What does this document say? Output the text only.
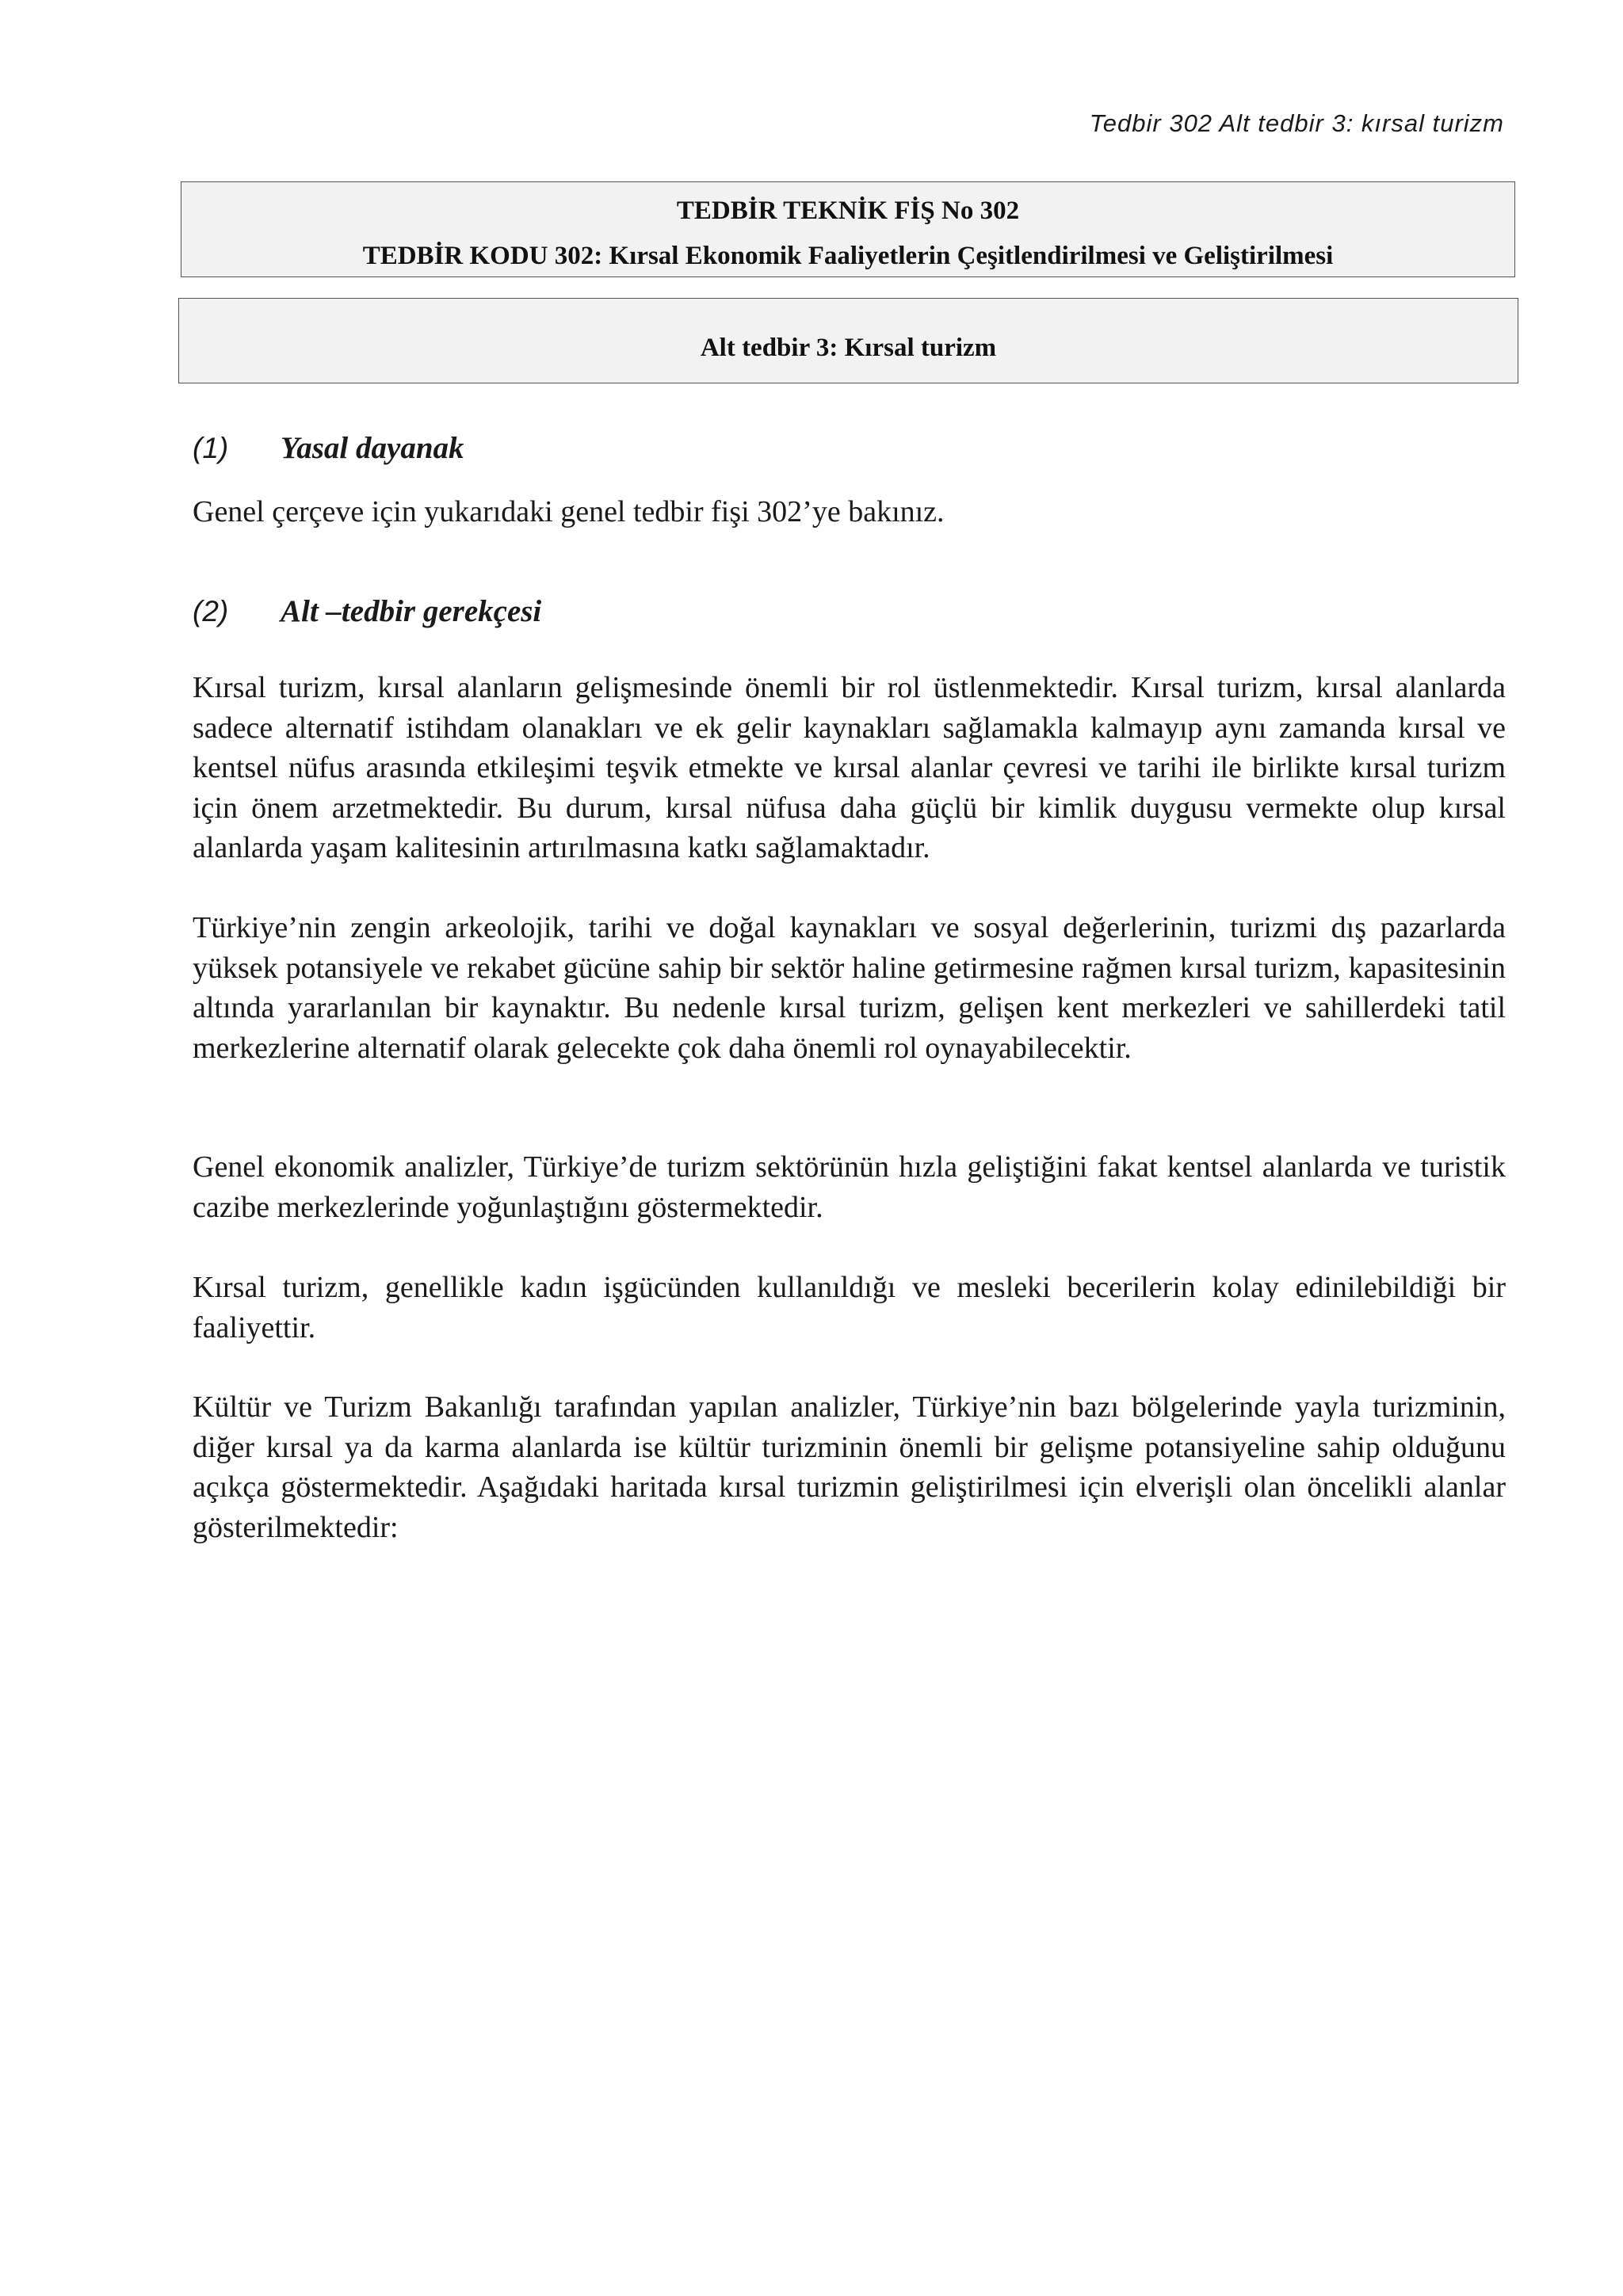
Tedbir 302 Alt tedbir 3: kırsal turizm
TEDBİR TEKNİK FİŞ No 302
TEDBİR KODU 302: Kırsal Ekonomik Faaliyetlerin Çeşitlendirilmesi ve Geliştirilmesi
Alt tedbir 3: Kırsal turizm
(1)	Yasal dayanak

Genel çerçeve için yukarıdaki genel tedbir fişi 302’ye bakınız.

(2)	Alt –tedbir gerekçesi

Kırsal turizm, kırsal alanların gelişmesinde önemli bir rol üstlenmektedir. Kırsal turizm, kırsal alanlarda sadece alternatif istihdam olanakları ve ek gelir kaynakları sağlamakla kalmayıp aynı zamanda kırsal ve kentsel nüfus arasında etkileşimi teşvik etmekte ve kırsal alanlar çevresi ve tarihi ile birlikte kırsal turizm için önem arzetmektedir. Bu durum, kırsal nüfusa daha güçlü bir kimlik duygusu vermekte olup kırsal alanlarda yaşam kalitesinin artırılmasına katkı sağlamaktadır.

Türkiye’nin zengin arkeolojik, tarihi ve doğal kaynakları ve sosyal değerlerinin, turizmi dış pazarlarda yüksek potansiyele ve rekabet gücüne sahip bir sektör haline getirmesine rağmen kırsal turizm, kapasitesinin altında yararlanılan bir kaynaktır. Bu nedenle kırsal turizm, gelişen kent merkezleri ve sahillerdeki tatil merkezlerine alternatif olarak gelecekte çok daha önemli rol oynayabilecektir.

Genel ekonomik analizler, Türkiye’de turizm sektörünün hızla geliştiğini fakat kentsel alanlarda ve turistik cazibe merkezlerinde yoğunlaştığını göstermektedir.

Kırsal turizm, genellikle kadın işgücünden kullanıldığı ve mesleki becerilerin kolay edinilebildiği bir faaliyettir.

Kültür ve Turizm Bakanlığı tarafından yapılan analizler, Türkiye’nin bazı bölgelerinde yayla turizminin, diğer kırsal ya da karma alanlarda ise kültür turizminin önemli bir gelişme potansiyeline sahip olduğunu açıkça göstermektedir. Aşağıdaki haritada kırsal turizmin geliştirilmesi için elverişli olan öncelikli alanlar gösterilmektedir:
